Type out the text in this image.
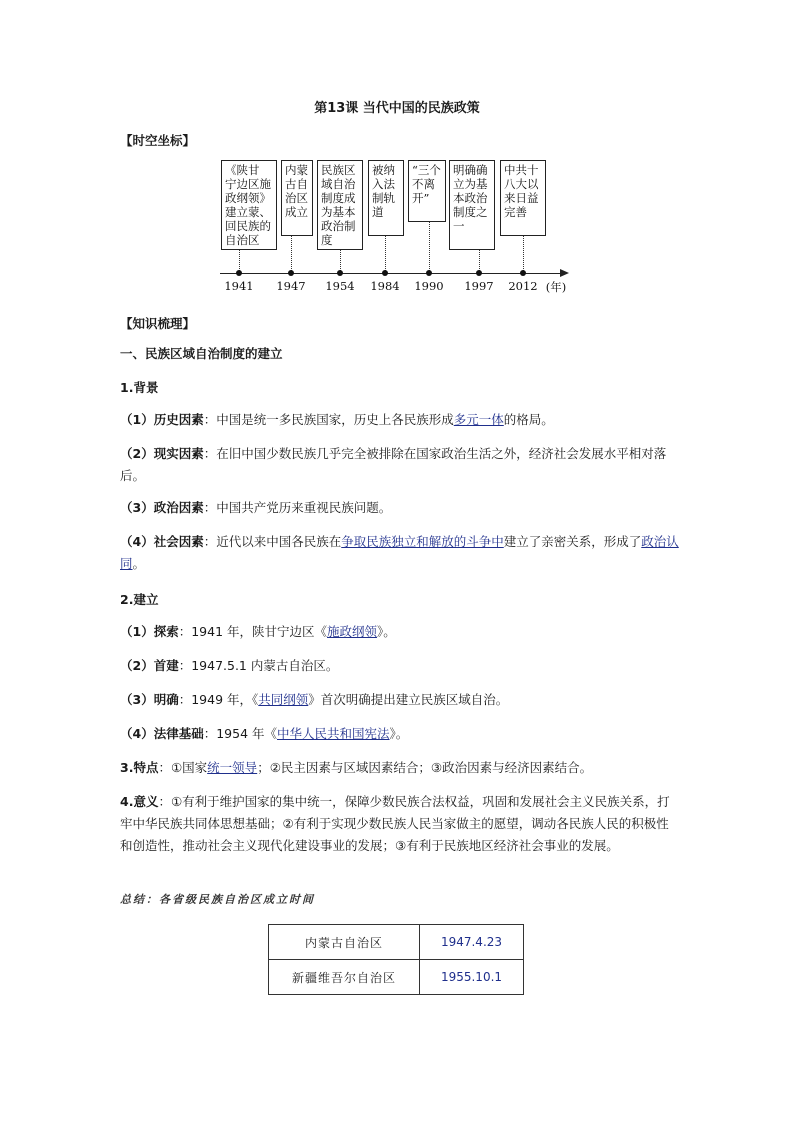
第13课 当代中国的民族政策

【时空坐标】

《陕甘
宁边区施
政纲领》
建立蒙、
回民族的
自治区
内蒙
古自
治区
成立
民族区
域自治
制度成
为基本
政治制
度
被纳
入法
制轨
道
“三个
不离
开”
明确确
立为基
本政治
制度之
一
中共十
八大以
来日益
完善
1941 1947 1954 1984 1990 1997 2012 (年)

【知识梳理】

一、民族区域自治制度的建立

1.背景

（1）历史因素：中国是统一多民族国家，历史上各民族形成多元一体的格局。

（2）现实因素：在旧中国少数民族几乎完全被排除在国家政治生活之外，经济社会发展水平相对落后。

（3）政治因素：中国共产党历来重视民族问题。

（4）社会因素：近代以来中国各民族在争取民族独立和解放的斗争中建立了亲密关系，形成了政治认同。

2.建立

（1）探索：1941 年，陕甘宁边区《施政纲领》。

（2）首建：1947.5.1 内蒙古自治区。

（3）明确：1949 年，《共同纲领》首次明确提出建立民族区域自治。

（4）法律基础：1954 年《中华人民共和国宪法》。

3.特点：①国家统一领导；②民主因素与区域因素结合；③政治因素与经济因素结合。

4.意义：①有利于维护国家的集中统一，保障少数民族合法权益，巩固和发展社会主义民族关系，打牢中华民族共同体思想基础；②有利于实现少数民族人民当家做主的愿望，调动各民族人民的积极性和创造性，推动社会主义现代化建设事业的发展；③有利于民族地区经济社会事业的发展。

总结：各省级民族自治区成立时间

内蒙古自治区	1947.4.23
新疆维吾尔自治区	1955.10.1
